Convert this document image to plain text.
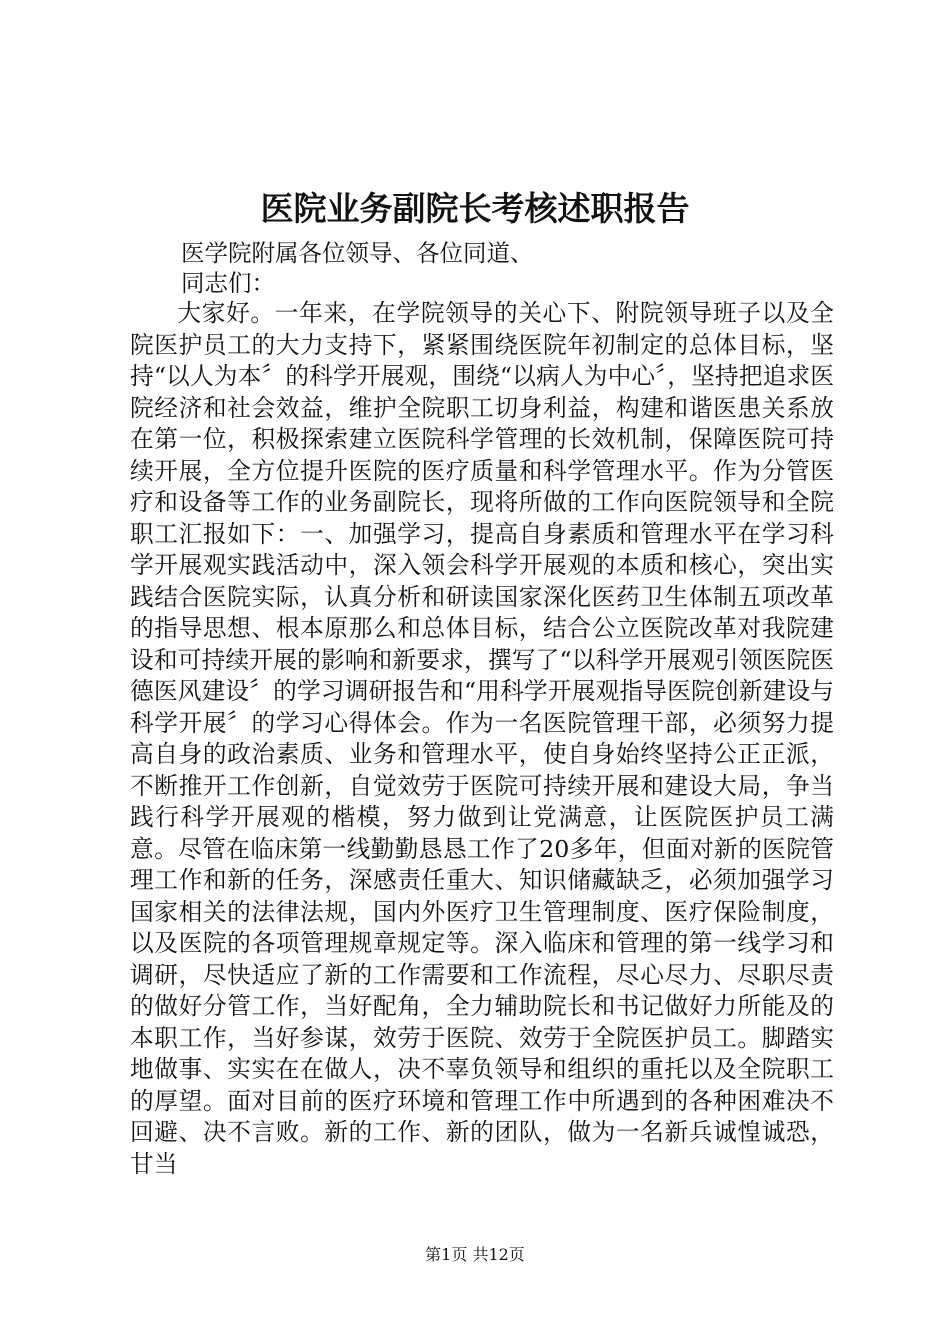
医院业务副院长考核述职报告

医学院附属各位领导、各位同道、

同志们：

大家好。一年来，在学院领导的关心下、附院领导班子以及全院医护员工的大力支持下，紧紧围绕医院年初制定的总体目标，坚持“以人为本〞的科学开展观，围绕“以病人为中心〞，坚持把追求医院经济和社会效益，维护全院职工切身利益，构建和谐医患关系放在第一位，积极探索建立医院科学管理的长效机制，保障医院可持续开展，全方位提升医院的医疗质量和科学管理水平。作为分管医疗和设备等工作的业务副院长，现将所做的工作向医院领导和全院职工汇报如下：一、加强学习，提高自身素质和管理水平在学习科学开展观实践活动中，深入领会科学开展观的本质和核心，突出实践结合医院实际，认真分析和研读国家深化医药卫生体制五项改革的指导思想、根本原那么和总体目标，结合公立医院改革对我院建设和可持续开展的影响和新要求，撰写了“以科学开展观引领医院医德医风建设〞的学习调研报告和“用科学开展观指导医院创新建设与科学开展〞的学习心得体会。作为一名医院管理干部，必须努力提高自身的政治素质、业务和管理水平，使自身始终坚持公正正派，不断推开工作创新，自觉效劳于医院可持续开展和建设大局，争当践行科学开展观的楷模，努力做到让党满意，让医院医护员工满意。尽管在临床第一线勤勤恳恳工作了20多年，但面对新的医院管理工作和新的任务，深感责任重大、知识储藏缺乏，必须加强学习国家相关的法律法规，国内外医疗卫生管理制度、医疗保险制度，以及医院的各项管理规章规定等。深入临床和管理的第一线学习和调研，尽快适应了新的工作需要和工作流程，尽心尽力、尽职尽责的做好分管工作，当好配角，全力辅助院长和书记做好力所能及的本职工作，当好参谋，效劳于医院、效劳于全院医护员工。脚踏实地做事、实实在在做人，决不辜负领导和组织的重托以及全院职工的厚望。面对目前的医疗环境和管理工作中所遇到的各种困难决不回避、决不言败。新的工作、新的团队，做为一名新兵诚惶诚恐，甘当

第1页 共12页
